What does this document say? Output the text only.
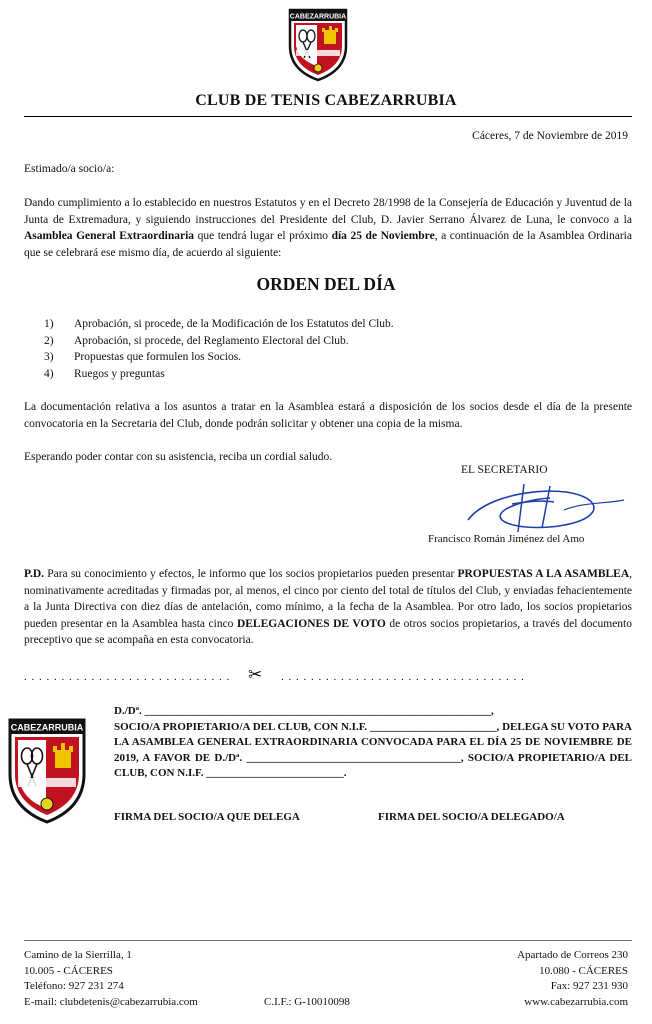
CABEZARRUBIA
CLUB DE TENIS CABEZARRUBIA
Cáceres, 7 de Noviembre de 2019
Estimado/a socio/a:
Dando cumplimiento a lo establecido en nuestros Estatutos y en el Decreto 28/1998 de la Consejería de Educación y Juventud de la Junta de Extremadura, y siguiendo instrucciones del Presidente del Club, D. Javier Serrano Álvarez de Luna, le convoco a la Asamblea General Extraordinaria que tendrá lugar el próximo día 25 de Noviembre, a continuación de la Asamblea Ordinaria que se celebrará ese mismo día, de acuerdo al siguiente:
ORDEN DEL DÍA
1) Aprobación, si procede, de la Modificación de los Estatutos del Club.
2) Aprobación, si procede, del Reglamento Electoral del Club.
3) Propuestas que formulen los Socios.
4) Ruegos y preguntas
La documentación relativa a los asuntos a tratar en la Asamblea estará a disposición de los socios desde el día de la presente convocatoria en la Secretaria del Club, donde podrán solicitar y obtener una copia de la misma.
Esperando poder contar con su asistencia, reciba un cordial saludo.
EL SECRETARIO
Francisco Román Jiménez del Amo
P.D. Para su conocimiento y efectos, le informo que los socios propietarios pueden presentar PROPUESTAS A LA ASAMBLEA, nominativamente acreditadas y firmadas por, al menos, el cinco por ciento del total de títulos del Club, y enviadas fehacientemente a la Junta Directiva con diez días de antelación, como mínimo, a la fecha de la Asamblea. Por otro lado, los socios propietarios pueden presentar en la Asamblea hasta cinco DELEGACIONES DE VOTO de otros socios propietarios, a través del documento preceptivo que se acompaña en esta convocatoria.
. . . . . . . . . . . . . . . . . . . . . . . . . . . . ✂ . . . . . . . . . . . . . . . . . . . . . . . . . . . . . . . . .
CABEZARRUBIA
D./Dª. _______________________________________________________________,
SOCIO/A PROPIETARIO/A DEL CLUB, CON N.I.F. _______________________, DELEGA SU VOTO PARA LA ASAMBLEA GENERAL EXTRAORDINARIA CONVOCADA PARA EL DÍA 25 DE NOVIEMBRE DE 2019, A FAVOR DE D./Dª. _______________________________________, SOCIO/A PROPIETARIO/A DEL CLUB, CON N.I.F. _________________________.
FIRMA DEL SOCIO/A QUE DELEGA	FIRMA DEL SOCIO/A DELEGADO/A
Camino de la Sierrilla, 1
10.005 - CÁCERES
Teléfono: 927 231 274
E-mail: clubdetenis@cabezarrubia.com	C.I.F.: G-10010098
Apartado de Correos 230
10.080 - CÁCERES
Fax: 927 231 930
www.cabezarrubia.com
